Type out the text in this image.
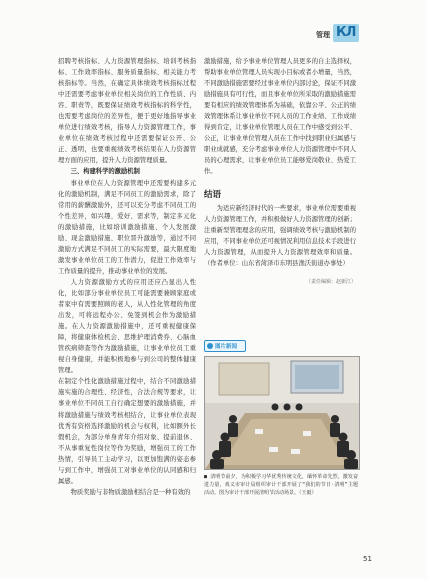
管理 КЛ

招聘考核指标、人力资源管理指标、培训考核指标、工作效率指标、服务质量指标、相关能力考核指标等。当然，在确定具体绩效考核指标过程中还需要考虑事业单位相关岗位的工作性质、内容、职责等，既要保证绩效考核指标的科学性，也需要考虑岗位的差异性，便于更好地指导事业单位进行绩效考核，指导人力资源管理工作，事业单位在绩效考核过程中还需要保证公开、公正、透明，也要重视绩效考核结果在人力资源管理方面的应用，提升人力资源管理质量。

三、构建科学的激励机制

事业单位在人力资源管理中还需要构建多元化的激励机制，满足不同员工的激励需求，除了常用的薪酬激励外，还可以充分考虑不同员工的个性差异，如兴趣、爱好、需求等，制定多元化的激励措施，比如培训激励措施、个人发展激励、现金激励措施、职位晋升激励等，通过不同激励方式满足不同员工的实际需要，最大限度地激发事业单位员工的工作潜力，促进工作效率与工作质量的提升，推动事业单位的发展。

人力资源激励方式的应用还应凸显出人性化，比如部分事业单位员工可能需要兼顾家庭或者家中有需要照顾的老人，从人性化管理的角度出发，可将远程办公、免签到机会作为激励措施。在人力资源激励措施中，还可重视健康保障，将健康体检机会、思维护理消费券、心脑血管疾病筛查等作为激励措施，让事业单位员工重视自身健康，并能积极地参与到公司的整体健康管理。

在制定个性化激励措施过程中，结合不同激励措施实施的合理性、经济性，合法合规等要求，让事业单位不同员工自行确定想要的激励措施，并将激励措施与绩效考核相结合，让事业单位表现优秀有资格选择激励的机会与权利，比如额外长假机会，为部分单身青年介绍对象、提前退休、不从事重复性岗位等作为奖励，增强员工的工作热情，引导员工主动学习，以更加饱满的姿态参与到工作中，增强员工对事业单位的认同感和归属感。

物质奖励与非物质激励相结合是一种有效的

激励措施，给予事业单位管理人员更多的自主选择权，帮助事业单位管理人员实现小目标或者小增量，当然，不同激励措施需要经过事业单位内部讨论，保证不同激励措施具有可行性，而且事业单位所采取的激励措施需要有相应的绩效管理体系为基础，依靠公平、公正的绩效管理体系让事业单位不同人员的工作业绩、工作成绩得到肯定，让事业单位管理人员在工作中感受到公平、公正，让事业单位管理人员在工作中找到职业归属感与职业成就感，充分考虑事业单位人力资源管理中不同人员的心理需求，让事业单位员工能够爱岗敬业、热爱工作。

结语

为适应新经济时代的一些要求，事业单位需要重视人力资源管理工作，并积极做好人力资源管理的创新；注重新型管理理念的应用，强调绩效考核与激励机制的应用，不同事业单位还可视情况利用信息技术手段进行人力资源管理，从而提升人力资源管理效率和质量。（作者单位：山东省菏泽市东明县渔沃街道办事处）

（责任编辑：赵新江）
图片新闻
■ 清明节前夕，为积极学习华优秀传统文化，缅怀革命先烈，激发奋进力量，戏义市审计局组织审计干部开展了“我们的节日·清明”主题活动。图为审计干部开展清明节活动场景。（王毅）
51
